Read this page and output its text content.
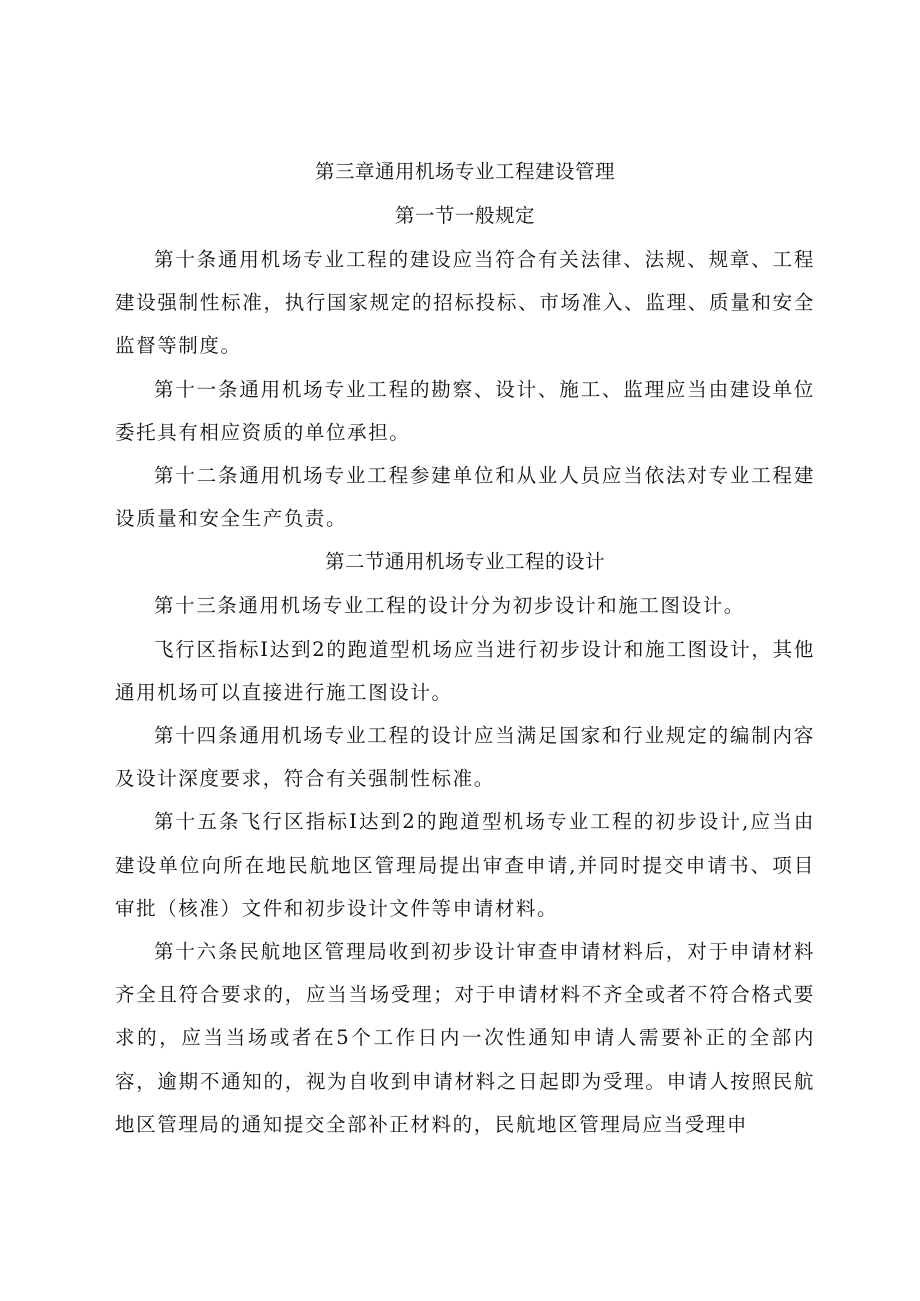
第三章通用机场专业工程建设管理
第一节一般规定

第十条通用机场专业工程的建设应当符合有关法律、法规、规章、工程建设强制性标准，执行国家规定的招标投标、市场准入、监理、质量和安全监督等制度。

第十一条通用机场专业工程的勘察、设计、施工、监理应当由建设单位委托具有相应资质的单位承担。

第十二条通用机场专业工程参建单位和从业人员应当依法对专业工程建设质量和安全生产负责。

第二节通用机场专业工程的设计

第十三条通用机场专业工程的设计分为初步设计和施工图设计。

飞行区指标I达到2的跑道型机场应当进行初步设计和施工图设计，其他通用机场可以直接进行施工图设计。

第十四条通用机场专业工程的设计应当满足国家和行业规定的编制内容及设计深度要求，符合有关强制性标准。

第十五条飞行区指标I达到2的跑道型机场专业工程的初步设计,应当由建设单位向所在地民航地区管理局提出审查申请,并同时提交申请书、项目审批（核准）文件和初步设计文件等申请材料。

第十六条民航地区管理局收到初步设计审查申请材料后，对于申请材料齐全且符合要求的，应当当场受理；对于申请材料不齐全或者不符合格式要求的，应当当场或者在5个工作日内一次性通知申请人需要补正的全部内容，逾期不通知的，视为自收到申请材料之日起即为受理。申请人按照民航地区管理局的通知提交全部补正材料的，民航地区管理局应当受理申
